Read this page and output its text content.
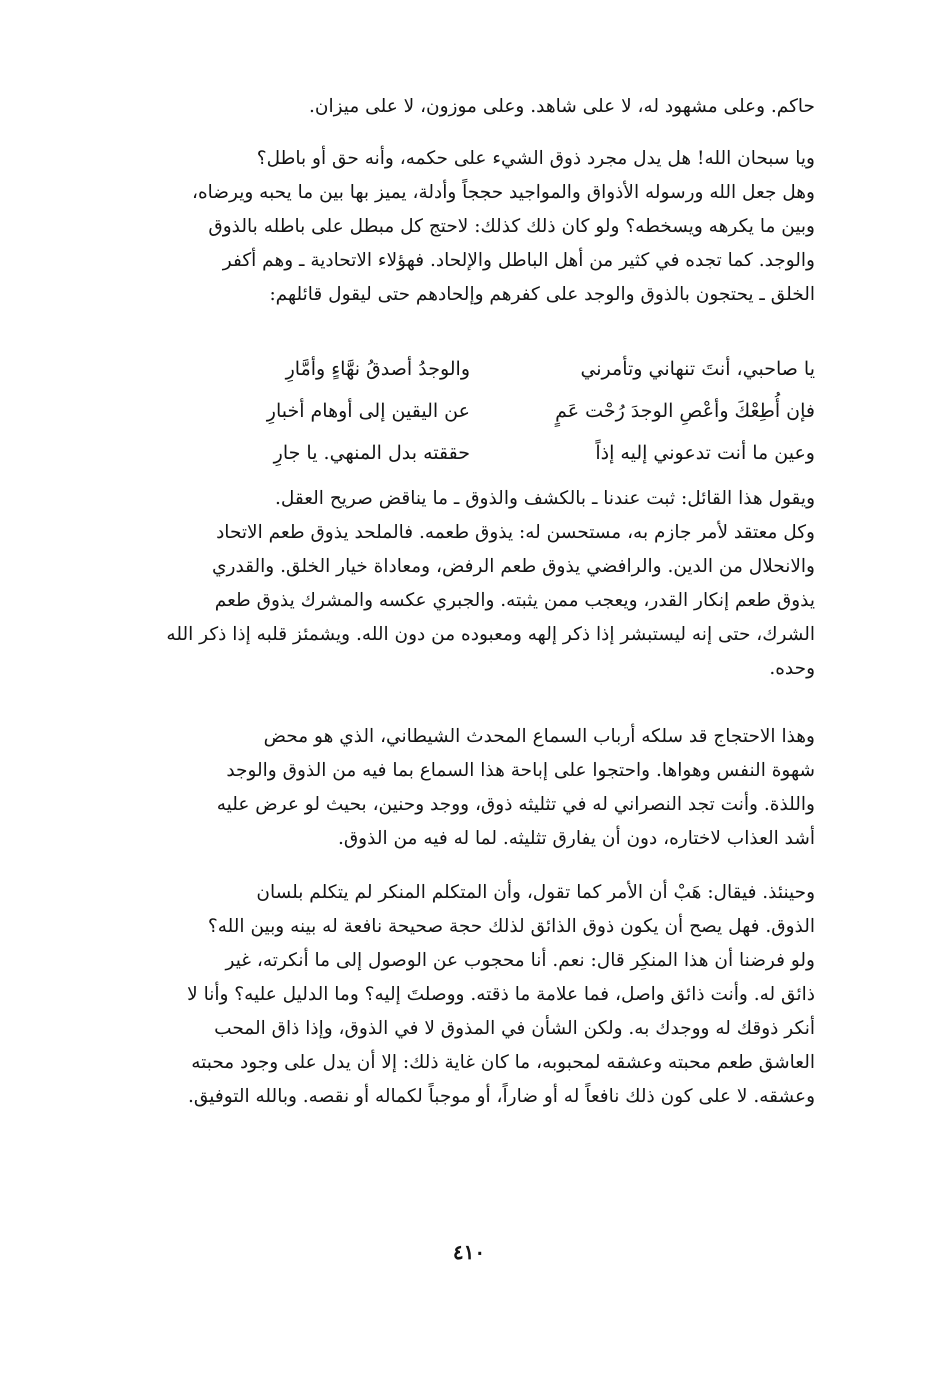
حاكم. وعلى مشهود له، لا على شاهد. وعلى موزون، لا على ميزان.
ويا سبحان الله! هل يدل مجرد ذوق الشيء على حكمه، وأنه حق أو باطل؟
وهل جعل الله ورسوله الأذواق والمواجيد حججاً وأدلة، يميز بها بين ما يحبه ويرضاه،
وبين ما يكرهه ويسخطه؟ ولو كان ذلك كذلك: لاحتج كل مبطل على باطله بالذوق
والوجد. كما تجده في كثير من أهل الباطل والإلحاد. فهؤلاء الاتحادية ـ وهم أكفر
الخلق ـ يحتجون بالذوق والوجد على كفرهم وإلحادهم حتى ليقول قائلهم:
يا صاحبي، أنتَ تنهاني وتأمرني
والوجدُ أصدقُ نهَّاءٍ وأمَّارِ
فإن أُطِعْكَ وأعْصِ الوجدَ رُحْت عَمٍ
عن اليقين إلى أوهام أخبارِ
وعين ما أنت تدعوني إليه إذاً
حققته بدل المنهي. يا جارِ
ويقول هذا القائل: ثبت عندنا ـ بالكشف والذوق ـ ما يناقض صريح العقل.
وكل معتقد لأمر جازم به، مستحسن له: يذوق طعمه. فالملحد يذوق طعم الاتحاد
والانحلال من الدين. والرافضي يذوق طعم الرفض، ومعاداة خيار الخلق. والقدري
يذوق طعم إنكار القدر، ويعجب ممن يثبته. والجبري عكسه والمشرك يذوق طعم
الشرك، حتى إنه ليستبشر إذا ذكر إلهه ومعبوده من دون الله. ويشمئز قلبه إذا ذكر الله
وحده.
وهذا الاحتجاج قد سلكه أرباب السماع المحدث الشيطاني، الذي هو محض
شهوة النفس وهواها. واحتجوا على إباحة هذا السماع بما فيه من الذوق والوجد
واللذة. وأنت تجد النصراني له في تثليثه ذوق، ووجد وحنين، بحيث لو عرض عليه
أشد العذاب لاختاره، دون أن يفارق تثليثه. لما له فيه من الذوق.
وحينئذ. فيقال: هَبْ أن الأمر كما تقول، وأن المتكلم المنكر لم يتكلم بلسان
الذوق. فهل يصح أن يكون ذوق الذائق لذلك حجة صحيحة نافعة له بينه وبين الله؟
ولو فرضنا أن هذا المنكِر قال: نعم. أنا محجوب عن الوصول إلى ما أنكرته، غير
ذائق له. وأنت ذائق واصل، فما علامة ما ذقته. ووصلتَ إليه؟ وما الدليل عليه؟ وأنا لا
أنكر ذوقك له ووجدك به. ولكن الشأن في المذوق لا في الذوق، وإذا ذاق المحب
العاشق طعم محبته وعشقه لمحبوبه، ما كان غاية ذلك: إلا أن يدل على وجود محبته
وعشقه. لا على كون ذلك نافعاً له أو ضاراً، أو موجباً لكماله أو نقصه. وبالله التوفيق.
٤١٠
